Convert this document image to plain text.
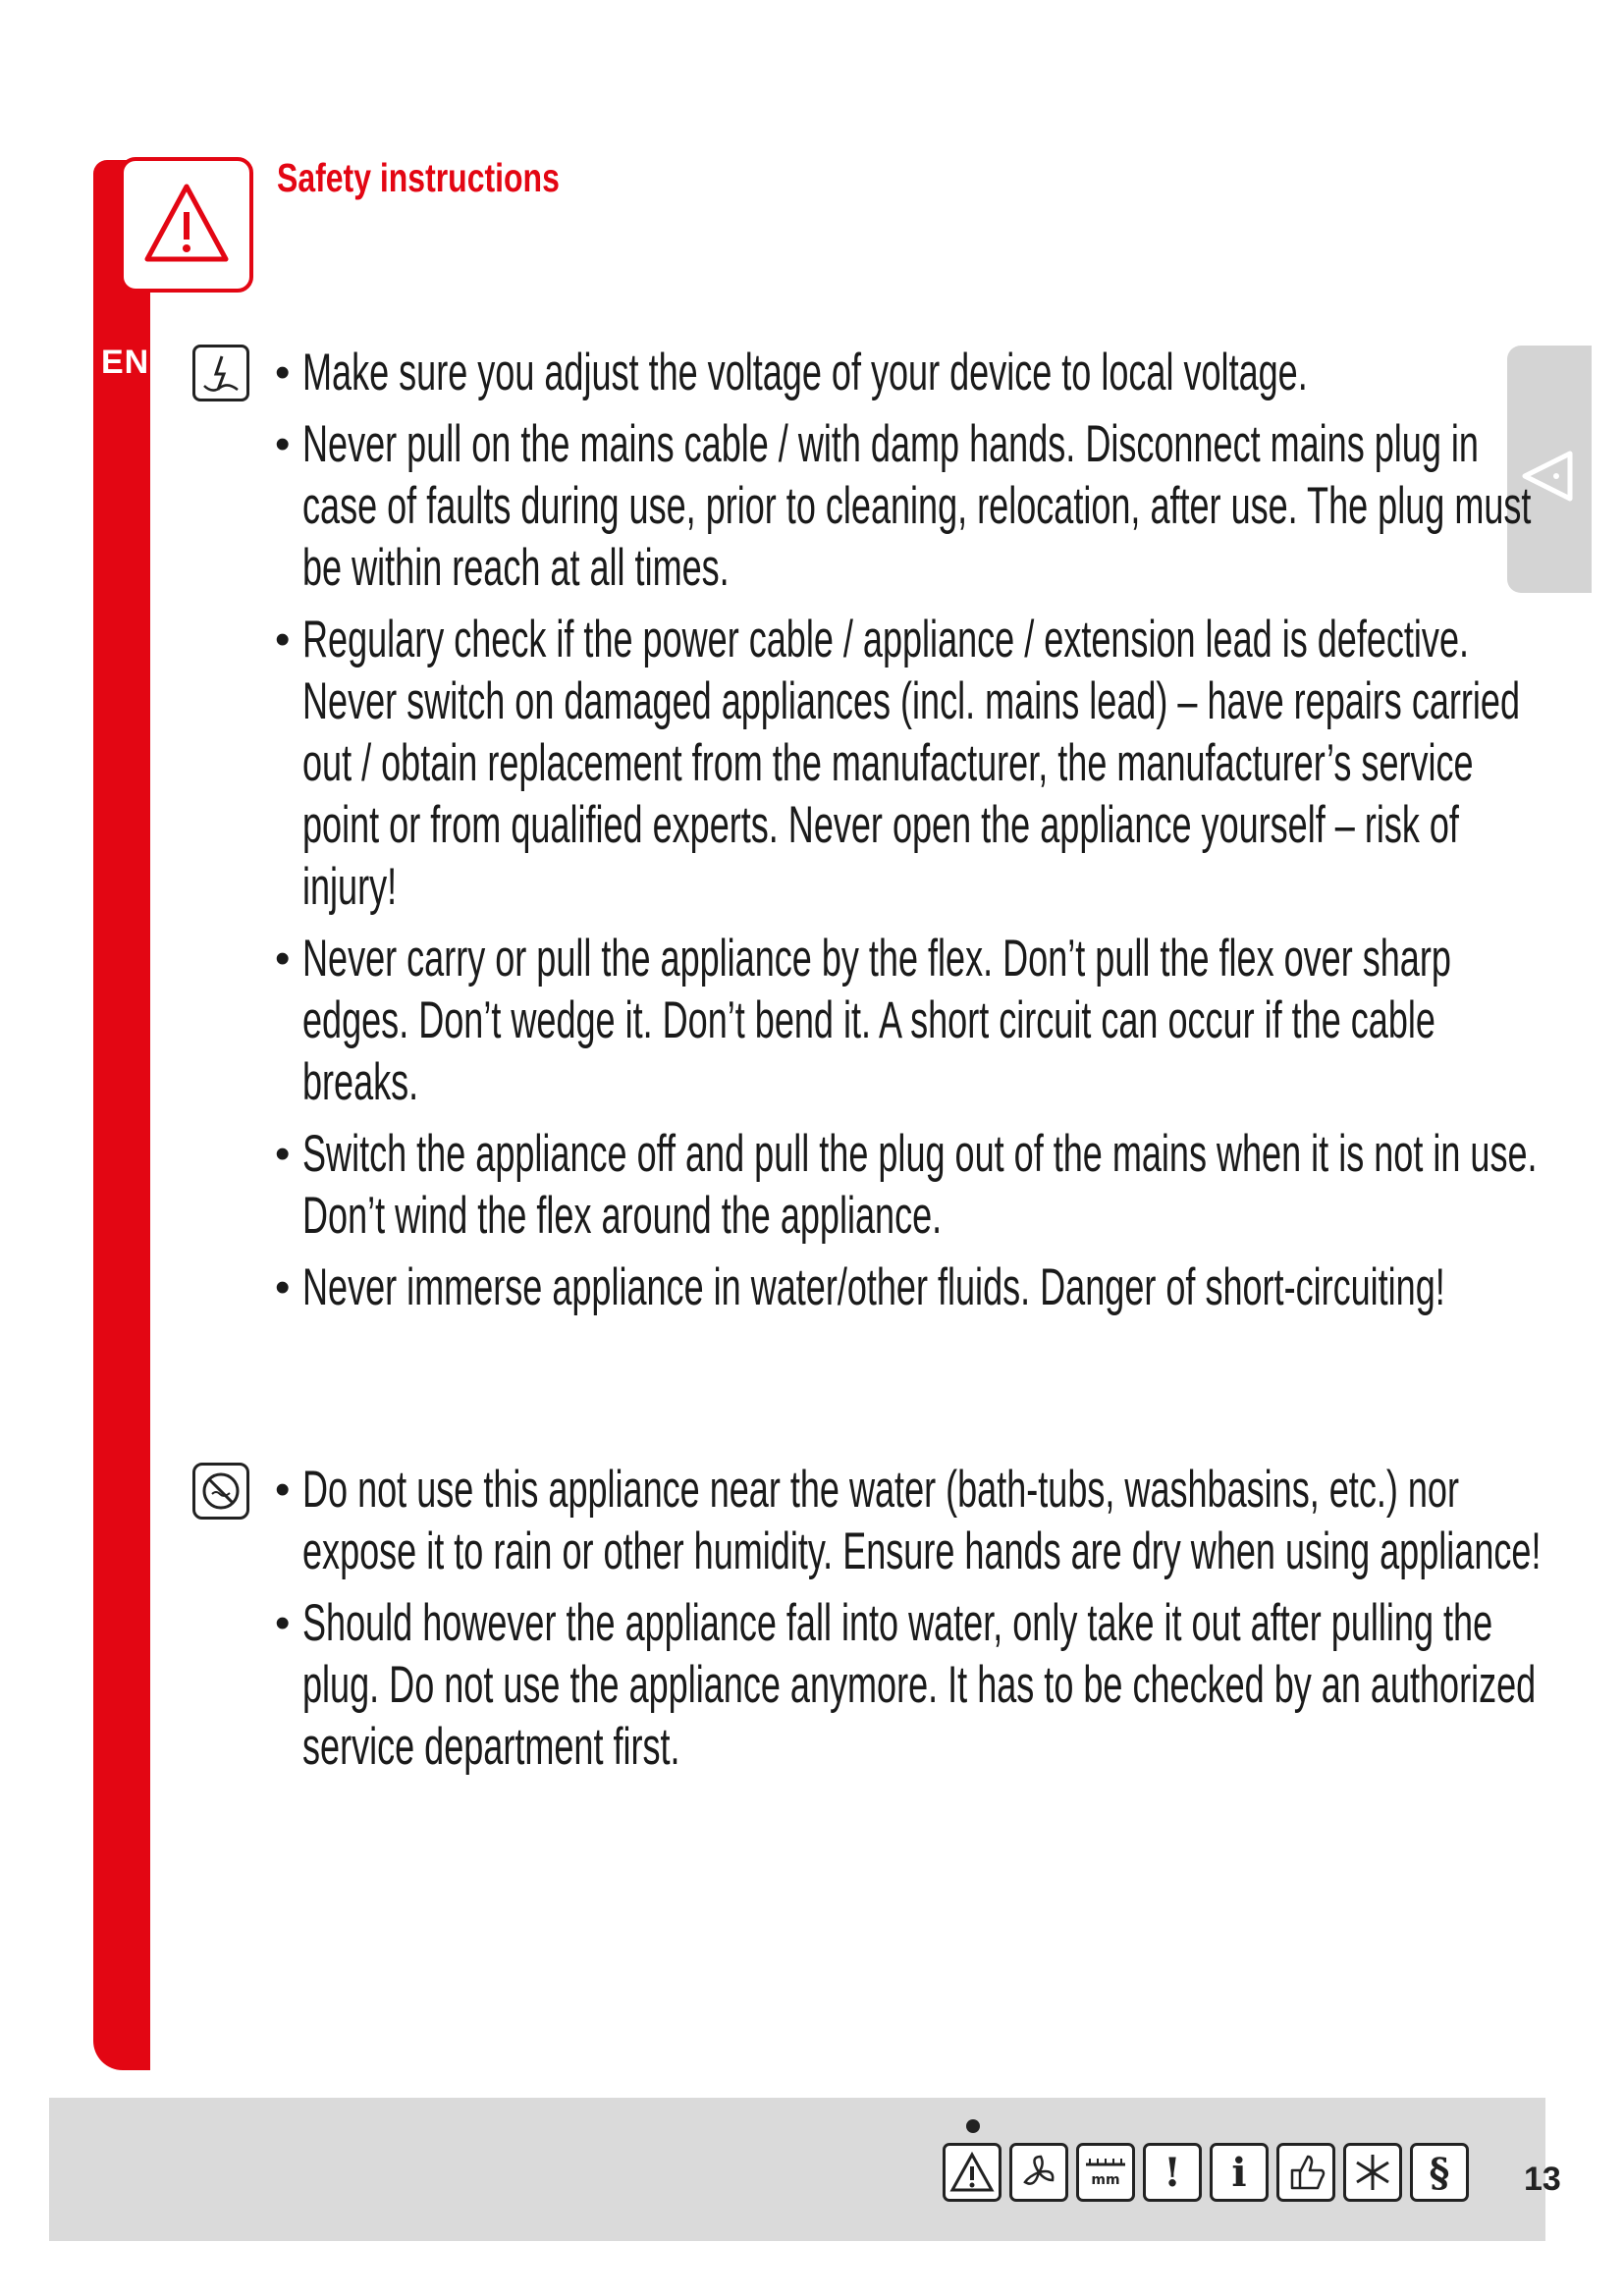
EN
Safety instructions
• Make sure you adjust the voltage of your device to local voltage.
• Never pull on the mains cable / with damp hands. Disconnect mains plug in case of faults during use, prior to cleaning, relocation, after use. The plug must be within reach at all times.
• Regulary check if the power cable / appliance / extension lead is defective. Never switch on damaged appliances (incl. mains lead) – have repairs carried out / obtain replacement from the manufacturer, the manufacturer’s service point or from qualified experts. Never open the appliance yourself – risk of injury!
• Never carry or pull the appliance by the flex. Don’t pull the flex over sharp edges. Don’t wedge it. Don’t bend it. A short circuit can occur if the cable breaks.
• Switch the appliance off and pull the plug out of the mains when it is not in use. Don’t wind the flex around the appliance.
• Never immerse appliance in water/other fluids. Danger of short-circuiting!
• Do not use this appliance near the water (bath-tubs, washbasins, etc.) nor expose it to rain or other humidity. Ensure hands are dry when using appliance!
• Should however the appliance fall into water, only take it out after pulling the plug. Do not use the appliance anymore. It has to be checked by an authorized service department first.
mm ! i	§ 13
